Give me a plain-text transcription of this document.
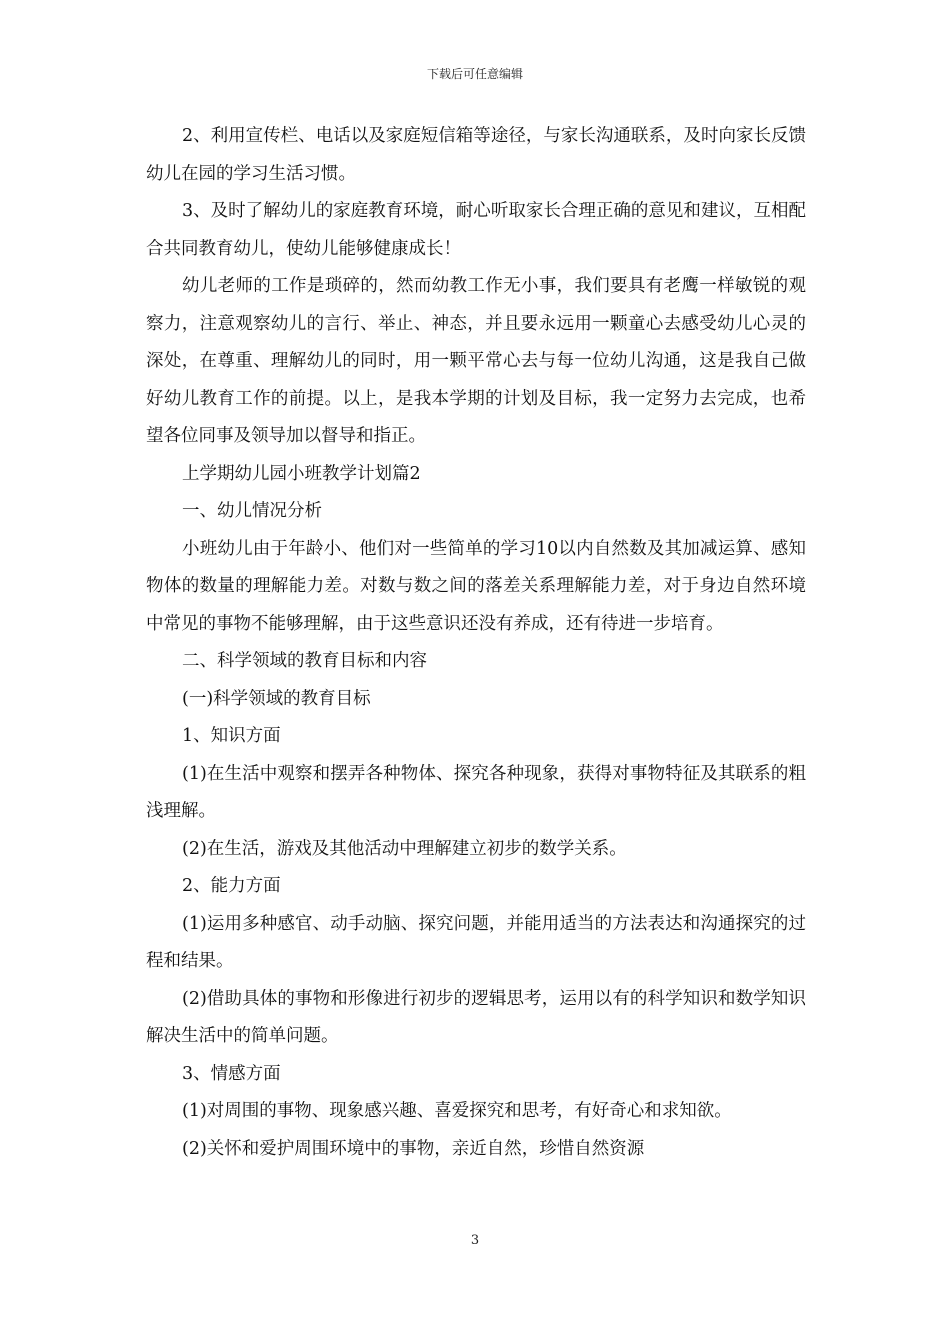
下载后可任意编辑

2、利用宣传栏、电话以及家庭短信箱等途径，与家长沟通联系，及时向家长反馈幼儿在园的学习生活习惯。

3、及时了解幼儿的家庭教育环境，耐心听取家长合理正确的意见和建议，互相配合共同教育幼儿，使幼儿能够健康成长！

幼儿老师的工作是琐碎的，然而幼教工作无小事，我们要具有老鹰一样敏锐的观察力，注意观察幼儿的言行、举止、神态，并且要永远用一颗童心去感受幼儿心灵的深处，在尊重、理解幼儿的同时，用一颗平常心去与每一位幼儿沟通，这是我自己做好幼儿教育工作的前提。以上，是我本学期的计划及目标，我一定努力去完成，也希望各位同事及领导加以督导和指正。

上学期幼儿园小班教学计划篇2

一、幼儿情况分析

小班幼儿由于年龄小、他们对一些简单的学习10以内自然数及其加减运算、感知物体的数量的理解能力差。对数与数之间的落差关系理解能力差，对于身边自然环境中常见的事物不能够理解，由于这些意识还没有养成，还有待进一步培育。

二、科学领域的教育目标和内容

(一)科学领域的教育目标

1、知识方面

(1)在生活中观察和摆弄各种物体、探究各种现象，获得对事物特征及其联系的粗浅理解。

(2)在生活，游戏及其他活动中理解建立初步的数学关系。

2、能力方面

(1)运用多种感官、动手动脑、探究问题，并能用适当的方法表达和沟通探究的过程和结果。

(2)借助具体的事物和形像进行初步的逻辑思考，运用以有的科学知识和数学知识解决生活中的简单问题。

3、情感方面

(1)对周围的事物、现象感兴趣、喜爱探究和思考，有好奇心和求知欲。

(2)关怀和爱护周围环境中的事物，亲近自然，珍惜自然资源

3
